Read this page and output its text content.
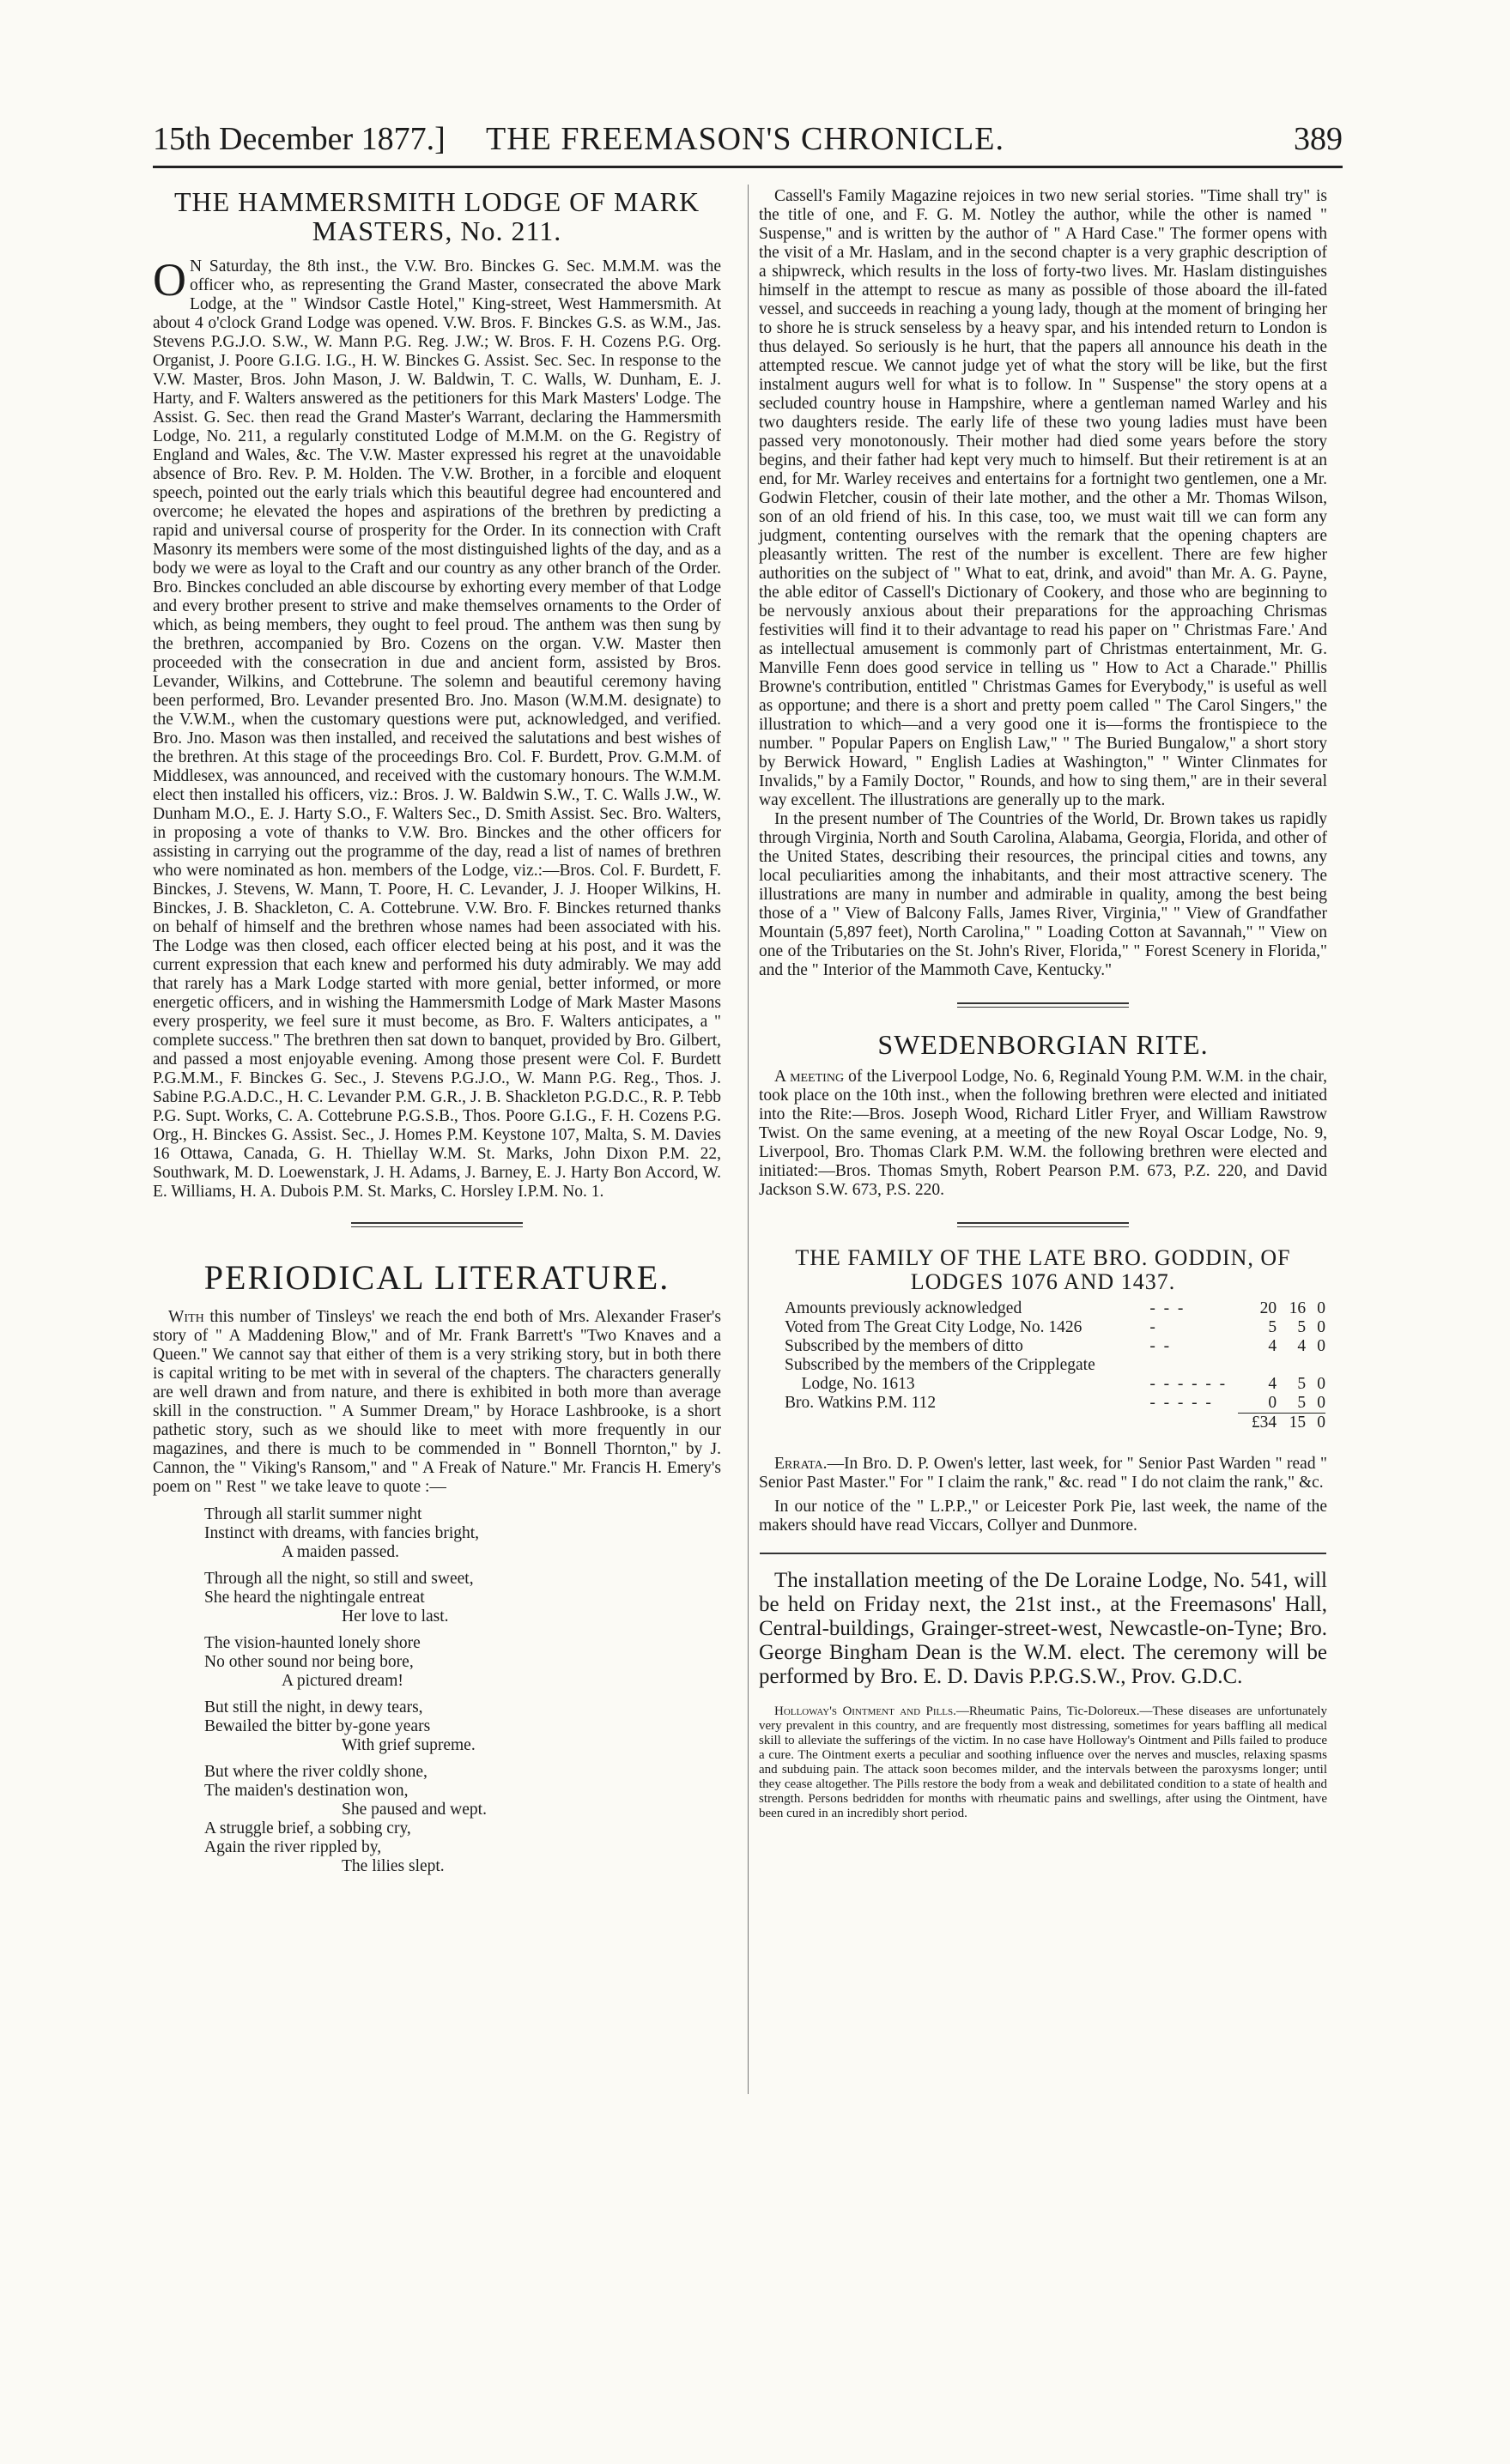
15th December 1877.]	THE FREEMASON'S CHRONICLE.	389
THE HAMMERSMITH LODGE OF MARK
MASTERS, No. 211.

O N Saturday, the 8th inst., the V.W. Bro. Binckes G. Sec. M.M.M. was the officer who, as representing the Grand Master, consecrated the above Mark Lodge, at the " Windsor Castle Hotel," King-street, West Hammersmith. At about 4 o'clock Grand Lodge was opened. V.W. Bros. F. Binckes G.S. as W.M., Jas. Stevens P.G.J.O. S.W., W. Mann P.G. Reg. J.W.; W. Bros. F. H. Cozens P.G. Org. Organist, J. Poore G.I.G. I.G., H. W. Binckes G. Assist. Sec. Sec. In response to the V.W. Master, Bros. John Mason, J. W. Baldwin, T. C. Walls, W. Dunham, E. J. Harty, and F. Walters answered as the petitioners for this Mark Masters' Lodge. The Assist. G. Sec. then read the Grand Master's Warrant, declaring the Hammersmith Lodge, No. 211, a regularly constituted Lodge of M.M.M. on the G. Registry of England and Wales, &c. The V.W. Master expressed his regret at the unavoidable absence of Bro. Rev. P. M. Holden. The V.W. Brother, in a forcible and eloquent speech, pointed out the early trials which this beautiful degree had encountered and overcome; he elevated the hopes and aspirations of the brethren by predicting a rapid and universal course of prosperity for the Order. In its connection with Craft Masonry its members were some of the most distinguished lights of the day, and as a body we were as loyal to the Craft and our country as any other branch of the Order. Bro. Binckes concluded an able discourse by exhorting every member of that Lodge and every brother present to strive and make themselves ornaments to the Order of which, as being members, they ought to feel proud. The anthem was then sung by the brethren, accompanied by Bro. Cozens on the organ. V.W. Master then proceeded with the consecration in due and ancient form, assisted by Bros. Levander, Wilkins, and Cottebrune. The solemn and beautiful ceremony having been performed, Bro. Levander presented Bro. Jno. Mason (W.M.M. designate) to the V.W.M., when the customary questions were put, acknowledged, and verified. Bro. Jno. Mason was then installed, and received the salutations and best wishes of the brethren. At this stage of the proceedings Bro. Col. F. Burdett, Prov. G.M.M. of Middlesex, was announced, and received with the customary honours. The W.M.M. elect then installed his officers, viz.: Bros. J. W. Baldwin S.W., T. C. Walls J.W., W. Dunham M.O., E. J. Harty S.O., F. Walters Sec., D. Smith Assist. Sec. Bro. Walters, in proposing a vote of thanks to V.W. Bro. Binckes and the other officers for assisting in carrying out the programme of the day, read a list of names of brethren who were nominated as hon. members of the Lodge, viz.:—Bros. Col. F. Burdett, F. Binckes, J. Stevens, W. Mann, T. Poore, H. C. Levander, J. J. Hooper Wilkins, H. Binckes, J. B. Shackleton, C. A. Cottebrune. V.W. Bro. F. Binckes returned thanks on behalf of himself and the brethren whose names had been associated with his. The Lodge was then closed, each officer elected being at his post, and it was the current expression that each knew and performed his duty admirably. We may add that rarely has a Mark Lodge started with more genial, better informed, or more energetic officers, and in wishing the Hammersmith Lodge of Mark Master Masons every prosperity, we feel sure it must become, as Bro. F. Walters anticipates, a " complete success." The brethren then sat down to banquet, provided by Bro. Gilbert, and passed a most enjoyable evening. Among those present were Col. F. Burdett P.G.M.M., F. Binckes G. Sec., J. Stevens P.G.J.O., W. Mann P.G. Reg., Thos. J. Sabine P.G.A.D.C., H. C. Levander P.M. G.R., J. B. Shackleton P.G.D.C., R. P. Tebb P.G. Supt. Works, C. A. Cottebrune P.G.S.B., Thos. Poore G.I.G., F. H. Cozens P.G. Org., H. Binckes G. Assist. Sec., J. Homes P.M. Keystone 107, Malta, S. M. Davies 16 Ottawa, Canada, G. H. Thiellay W.M. St. Marks, John Dixon P.M. 22, Southwark, M. D. Loewenstark, J. H. Adams, J. Barney, E. J. Harty Bon Accord, W. E. Williams, H. A. Dubois P.M. St. Marks, C. Horsley I.P.M. No. 1.

PERIODICAL LITERATURE.

With this number of Tinsleys' we reach the end both of Mrs. Alexander Fraser's story of " A Maddening Blow," and of Mr. Frank Barrett's "Two Knaves and a Queen." We cannot say that either of them is a very striking story, but in both there is capital writing to be met with in several of the chapters. The characters generally are well drawn and from nature, and there is exhibited in both more than average skill in the construction. " A Summer Dream," by Horace Lashbrooke, is a short pathetic story, such as we should like to meet with more frequently in our magazines, and there is much to be commended in " Bonnell Thornton," by J. Cannon, the " Viking's Ransom," and " A Freak of Nature." Mr. Francis H. Emery's poem on " Rest " we take leave to quote :—

Through all starlit summer night
Instinct with dreams, with fancies bright,
A maiden passed.
Through all the night, so still and sweet,
She heard the nightingale entreat
Her love to last.
The vision-haunted lonely shore
No other sound nor being bore,
A pictured dream!
But still the night, in dewy tears,
Bewailed the bitter by-gone years
With grief supreme.
But where the river coldly shone,
The maiden's destination won,
She paused and wept.
A struggle brief, a sobbing cry,
Again the river rippled by,
The lilies slept.

Cassell's Family Magazine rejoices in two new serial stories. "Time shall try" is the title of one, and F. G. M. Notley the author, while the other is named " Suspense," and is written by the author of " A Hard Case." The former opens with the visit of a Mr. Haslam, and in the second chapter is a very graphic description of a shipwreck, which results in the loss of forty-two lives. Mr. Haslam distinguishes himself in the attempt to rescue as many as possible of those aboard the ill-fated vessel, and succeeds in reaching a young lady, though at the moment of bringing her to shore he is struck senseless by a heavy spar, and his intended return to London is thus delayed. So seriously is he hurt, that the papers all announce his death in the attempted rescue. We cannot judge yet of what the story will be like, but the first instalment augurs well for what is to follow. In " Suspense" the story opens at a secluded country house in Hampshire, where a gentleman named Warley and his two daughters reside. The early life of these two young ladies must have been passed very monotonously. Their mother had died some years before the story begins, and their father had kept very much to himself. But their retirement is at an end, for Mr. Warley receives and entertains for a fortnight two gentlemen, one a Mr. Godwin Fletcher, cousin of their late mother, and the other a Mr. Thomas Wilson, son of an old friend of his. In this case, too, we must wait till we can form any judgment, contenting ourselves with the remark that the opening chapters are pleasantly written. The rest of the number is excellent. There are few higher authorities on the subject of " What to eat, drink, and avoid" than Mr. A. G. Payne, the able editor of Cassell's Dictionary of Cookery, and those who are beginning to be nervously anxious about their preparations for the approaching Chrismas festivities will find it to their advantage to read his paper on " Christmas Fare.' And as intellectual amusement is commonly part of Christmas entertainment, Mr. G. Manville Fenn does good service in telling us " How to Act a Charade." Phillis Browne's contribution, entitled " Christmas Games for Everybody," is useful as well as opportune; and there is a short and pretty poem called " The Carol Singers," the illustration to which—and a very good one it is—forms the frontispiece to the number. " Popular Papers on English Law," " The Buried Bungalow," a short story by Berwick Howard, " English Ladies at Washington," " Winter Clinmates for Invalids," by a Family Doctor, " Rounds, and how to sing them," are in their several way excellent. The illustrations are generally up to the mark.

In the present number of The Countries of the World, Dr. Brown takes us rapidly through Virginia, North and South Carolina, Alabama, Georgia, Florida, and other of the United States, describing their resources, the principal cities and towns, any local peculiarities among the inhabitants, and their most attractive scenery. The illustrations are many in number and admirable in quality, among the best being those of a " View of Balcony Falls, James River, Virginia," " View of Grandfather Mountain (5,897 feet), North Carolina," " Loading Cotton at Savannah," " View on one of the Tributaries on the St. John's River, Florida," " Forest Scenery in Florida," and the " Interior of the Mammoth Cave, Kentucky."

SWEDENBORGIAN RITE.

A meeting of the Liverpool Lodge, No. 6, Reginald Young P.M. W.M. in the chair, took place on the 10th inst., when the following brethren were elected and initiated into the Rite:—Bros. Joseph Wood, Richard Litler Fryer, and William Rawstrow Twist. On the same evening, at a meeting of the new Royal Oscar Lodge, No. 9, Liverpool, Bro. Thomas Clark P.M. W.M. the following brethren were elected and initiated:—Bros. Thomas Smyth, Robert Pearson P.M. 673, P.Z. 220, and David Jackson S.W. 673, P.S. 220.

THE FAMILY OF THE LATE BRO. GODDIN, OF
LODGES 1076 AND 1437.
Amounts previously acknowledged	-  -  -	20	16	0
Voted from The Great City Lodge, No. 1426	-	5	5	0
Subscribed by the members of ditto	-  -	4	4	0
Subscribed by the members of the Cripplegate				
Lodge, No. 1613	-  -  -  -  -  -	4	5	0
Bro. Watkins P.M. 112	-  -  -  -  -	0	5	0
		£34	15	0

Errata.—In Bro. D. P. Owen's letter, last week, for " Senior Past Warden " read " Senior Past Master." For " I claim the rank," &c. read " I do not claim the rank," &c.

In our notice of the " L.P.P.," or Leicester Pork Pie, last week, the name of the makers should have read Viccars, Collyer and Dunmore.

The installation meeting of the De Loraine Lodge, No. 541, will be held on Friday next, the 21st inst., at the Freemasons' Hall, Central-buildings, Grainger-street-west, Newcastle-on-Tyne; Bro. George Bingham Dean is the W.M. elect. The ceremony will be performed by Bro. E. D. Davis P.P.G.S.W., Prov. G.D.C.

Holloway's Ointment and Pills.—Rheumatic Pains, Tic-Doloreux.—These diseases are unfortunately very prevalent in this country, and are frequently most distressing, sometimes for years baffling all medical skill to alleviate the sufferings of the victim. In no case have Holloway's Ointment and Pills failed to produce a cure. The Ointment exerts a peculiar and soothing influence over the nerves and muscles, relaxing spasms and subduing pain. The attack soon becomes milder, and the intervals between the paroxysms longer; until they cease altogether. The Pills restore the body from a weak and debilitated condition to a state of health and strength. Persons bedridden for months with rheumatic pains and swellings, after using the Ointment, have been cured in an incredibly short period.
